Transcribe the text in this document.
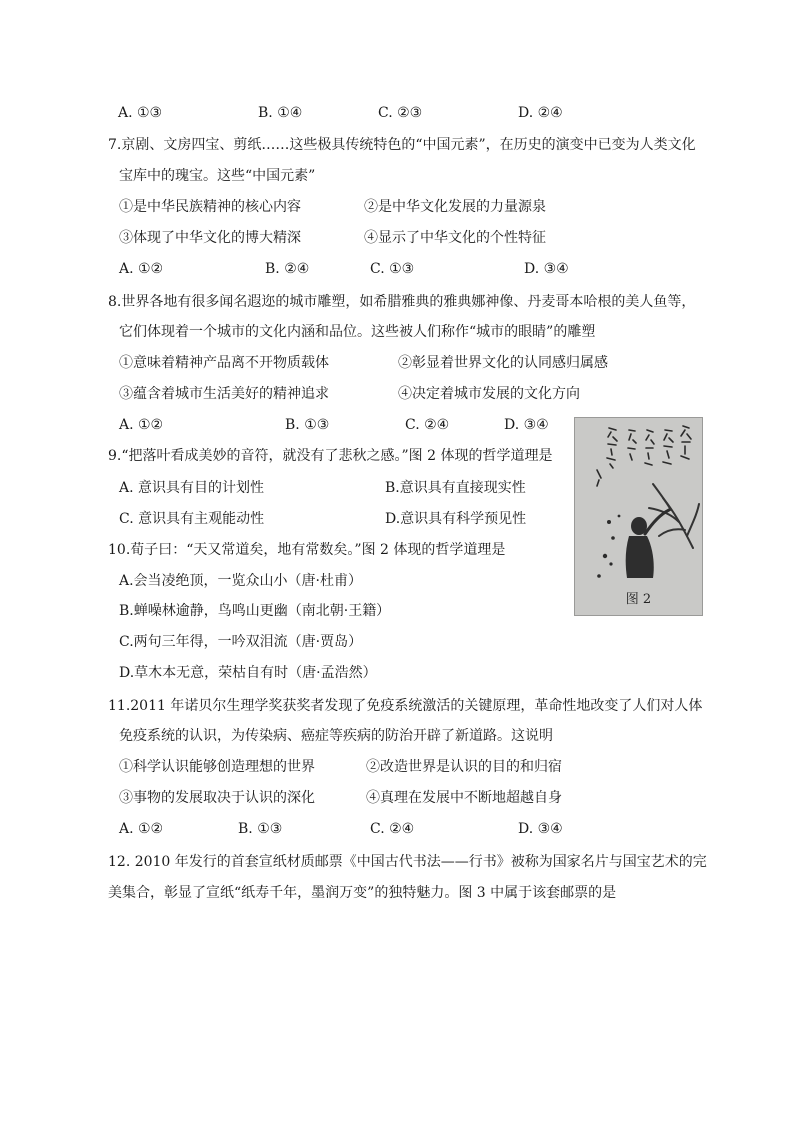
A. ①③	B. ①④	C. ②③	D. ②④
7.京剧、文房四宝、剪纸……这些极具传统特色的“中国元素”，在历史的演变中已变为人类文化
宝库中的瑰宝。这些“中国元素”
①是中华民族精神的核心内容	②是中华文化发展的力量源泉
③体现了中华文化的博大精深	④显示了中华文化的个性特征
A. ①②	B. ②④	C. ①③	D. ③④
8.世界各地有很多闻名遐迩的城市雕塑，如希腊雅典的雅典娜神像、丹麦哥本哈根的美人鱼等，
它们体现着一个城市的文化内涵和品位。这些被人们称作“城市的眼睛”的雕塑
①意味着精神产品离不开物质载体	②彰显着世界文化的认同感归属感
③蕴含着城市生活美好的精神追求	④决定着城市发展的文化方向
A. ①②	B. ①③	C. ②④	D. ③④
9.“把落叶看成美妙的音符，就没有了悲秋之感。”图 2 体现的哲学道理是
A. 意识具有目的计划性	B.意识具有直接现实性
C. 意识具有主观能动性	D.意识具有科学预见性
10.荀子曰：“天又常道矣，地有常数矣。”图 2 体现的哲学道理是
A.会当凌绝顶，一览众山小（唐·杜甫）
B.蝉噪林逾静，鸟鸣山更幽（南北朝·王籍）
C.两句三年得，一吟双泪流（唐·贾岛）
D.草木本无意，荣枯自有时（唐·孟浩然）
11.2011 年诺贝尔生理学奖获奖者发现了免疫系统激活的关键原理，革命性地改变了人们对人体
免疫系统的认识，为传染病、癌症等疾病的防治开辟了新道路。这说明
①科学认识能够创造理想的世界	②改造世界是认识的目的和归宿
③事物的发展取决于认识的深化	④真理在发展中不断地超越自身
A. ①②	B. ①③	C. ②④	D. ③④
12. 2010 年发行的首套宣纸材质邮票《中国古代书法——行书》被称为国家名片与国宝艺术的完
美集合，彰显了宣纸“纸寿千年，墨润万变”的独特魅力。图 3 中属于该套邮票的是
图 2
